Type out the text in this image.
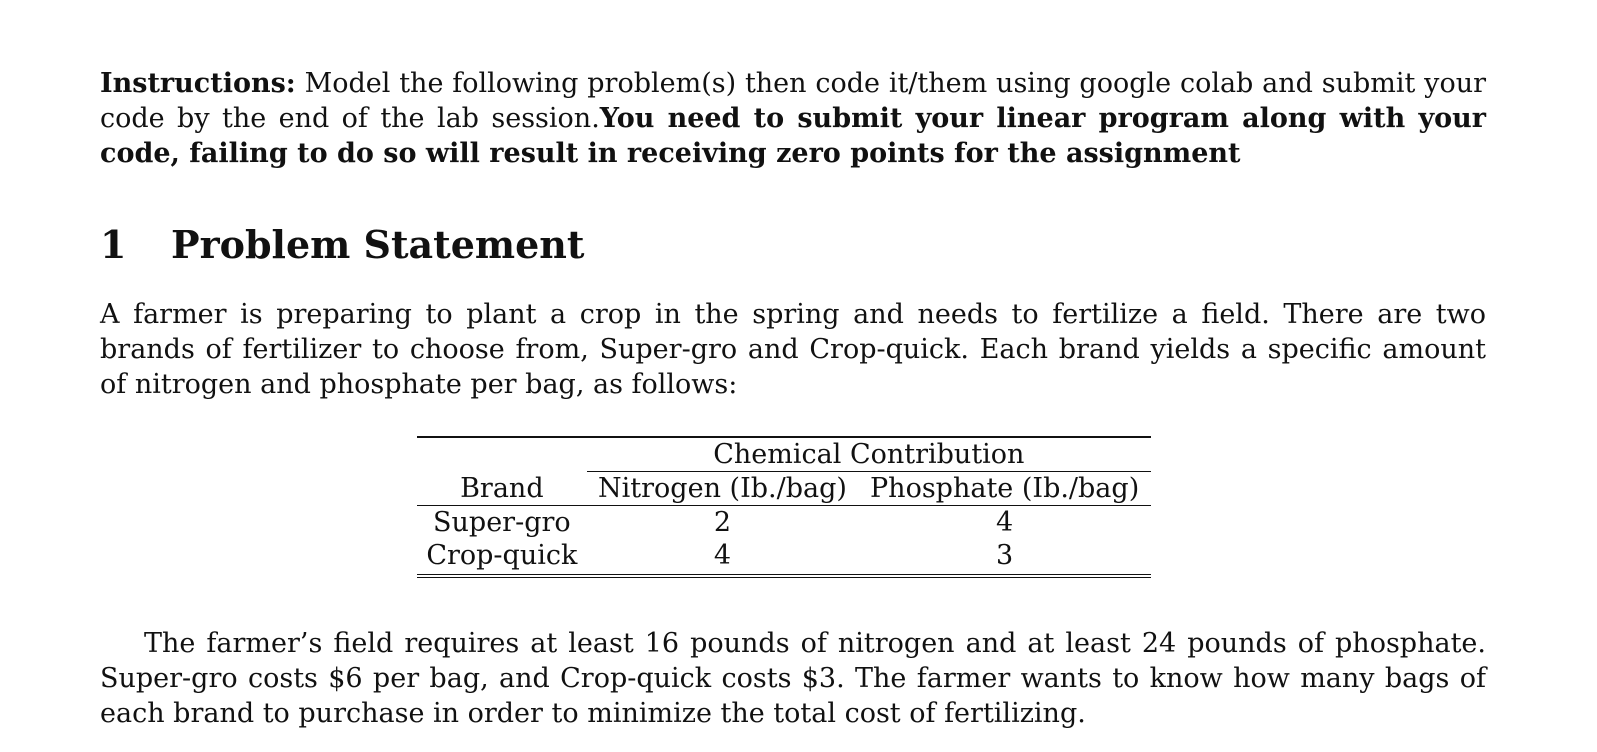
Instructions: Model the following problem(s) then code it/them using google colab and submit your code by the end of the lab session.You need to submit your linear program along with your code, failing to do so will result in receiving zero points for the assignment

1	Problem Statement

A farmer is preparing to plant a crop in the spring and needs to fertilize a field. There are two brands of fertilizer to choose from, Super-gro and Crop-quick. Each brand yields a specific amount of nitrogen and phosphate per bag, as follows:

	Chemical Contribution	
Brand	Nitrogen (Ib./bag)	Phosphate (Ib./bag)
Super-gro	2	4
Crop-quick	4	3

The farmer’s field requires at least 16 pounds of nitrogen and at least 24 pounds of phosphate. Super-gro costs $6 per bag, and Crop-quick costs $3. The farmer wants to know how many bags of each brand to purchase in order to minimize the total cost of fertilizing.
